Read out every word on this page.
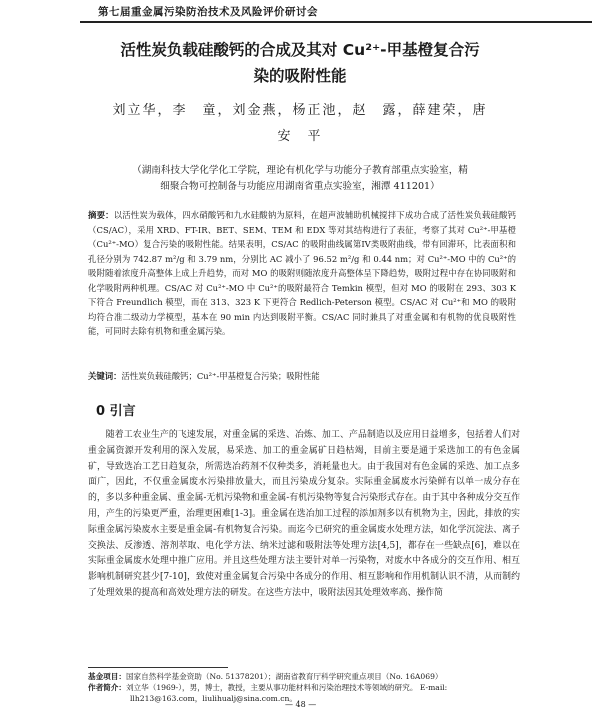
第七届重金属污染防治技术及风险评价研讨会
活性炭负载硅酸钙的合成及其对 Cu²⁺-甲基橙复合污
染的吸附性能
刘立华，李　童，刘金燕，杨正池，赵　露，薛建荣，唐
安　平
（湖南科技大学化学化工学院，理论有机化学与功能分子教育部重点实验室，精
细聚合物可控制备与功能应用湖南省重点实验室，湘潭 411201）
摘要：以活性炭为载体，四水硝酸钙和九水硅酸钠为原料，在超声波辅助机械搅拌下成功合成了活性炭负载硅酸钙（CS/AC），采用 XRD、FT-IR、BET、SEM、TEM 和 EDX 等对其结构进行了表征，考察了其对 Cu²⁺-甲基橙（Cu²⁺-MO）复合污染的吸附性能。结果表明，CS/AC 的吸附曲线属第IV类吸附曲线，带有回滞环，比表面积和孔径分别为 742.87 m²/g 和 3.79 nm，分别比 AC 减小了 96.52 m²/g 和 0.44 nm；对 Cu²⁺-MO 中的 Cu²⁺的吸附随着浓度升高整体上成上升趋势，而对 MO 的吸附则随浓度升高整体呈下降趋势，吸附过程中存在协同吸附和化学吸附两种机理。CS/AC 对 Cu²⁺-MO 中 Cu²⁺的吸附最符合 Temkin 模型，但对 MO 的吸附在 293、303 K 下符合 Freundlich 模型，而在 313、323 K 下更符合 Redlich-Peterson 模型。CS/AC 对 Cu²⁺和 MO 的吸附均符合准二级动力学模型，基本在 90 min 内达到吸附平衡。CS/AC 同时兼具了对重金属和有机物的优良吸附性能，可同时去除有机物和重金属污染。
关键词：活性炭负载硅酸钙；Cu²⁺-甲基橙复合污染；吸附性能
0 引言
随着工农业生产的飞速发展，对重金属的采选、冶炼、加工、产品制造以及应用日益增多，包括着人们对重金属资源开发利用的深入发展，易采选、加工的重金属矿日趋枯竭，目前主要是通于采选加工的有色金属矿，导致选冶工艺日趋复杂，所需选冶药剂不仅种类多，消耗量也大。由于我国对有色金属的采选、加工点多面广，因此，不仅重金属废水污染排放量大，而且污染成分复杂。实际重金属废水污染鲜有以单一成分存在的，多以多种重金属、重金属-无机污染物和重金属-有机污染物等复合污染形式存在。由于其中各种成分交互作用，产生的污染更严重，治理更困难[1-3]。重金属在选冶加工过程的添加剂多以有机物为主，因此，排放的实际重金属污染废水主要是重金属-有机物复合污染。而迄今已研究的重金属废水处理方法，如化学沉淀法、离子交换法、反渗透、溶剂萃取、电化学方法、纳米过滤和吸附法等处理方法[4,5]，都存在一些缺点[6]，难以在实际重金属废水处理中推广应用。并且这些处理方法主要针对单一污染物，对废水中各成分的交互作用、相互影响机制研究甚少[7-10]，致使对重金属复合污染中各成分的作用、相互影响和作用机制认识不清，从而制约了处理效果的提高和高效处理方法的研发。在这些方法中，吸附法因其处理效率高、操作简
基金项目：国家自然科学基金资助（No. 51378201）；湖南省教育厅科学研究重点项目（No. 16A069）
作者简介：刘立华（1969-），男，博士，教授，主要从事功能材料和污染治理技术等领域的研究。 E-mail:
llh213@163.com，liulihualj@sina.com.cn。
— 48 —
